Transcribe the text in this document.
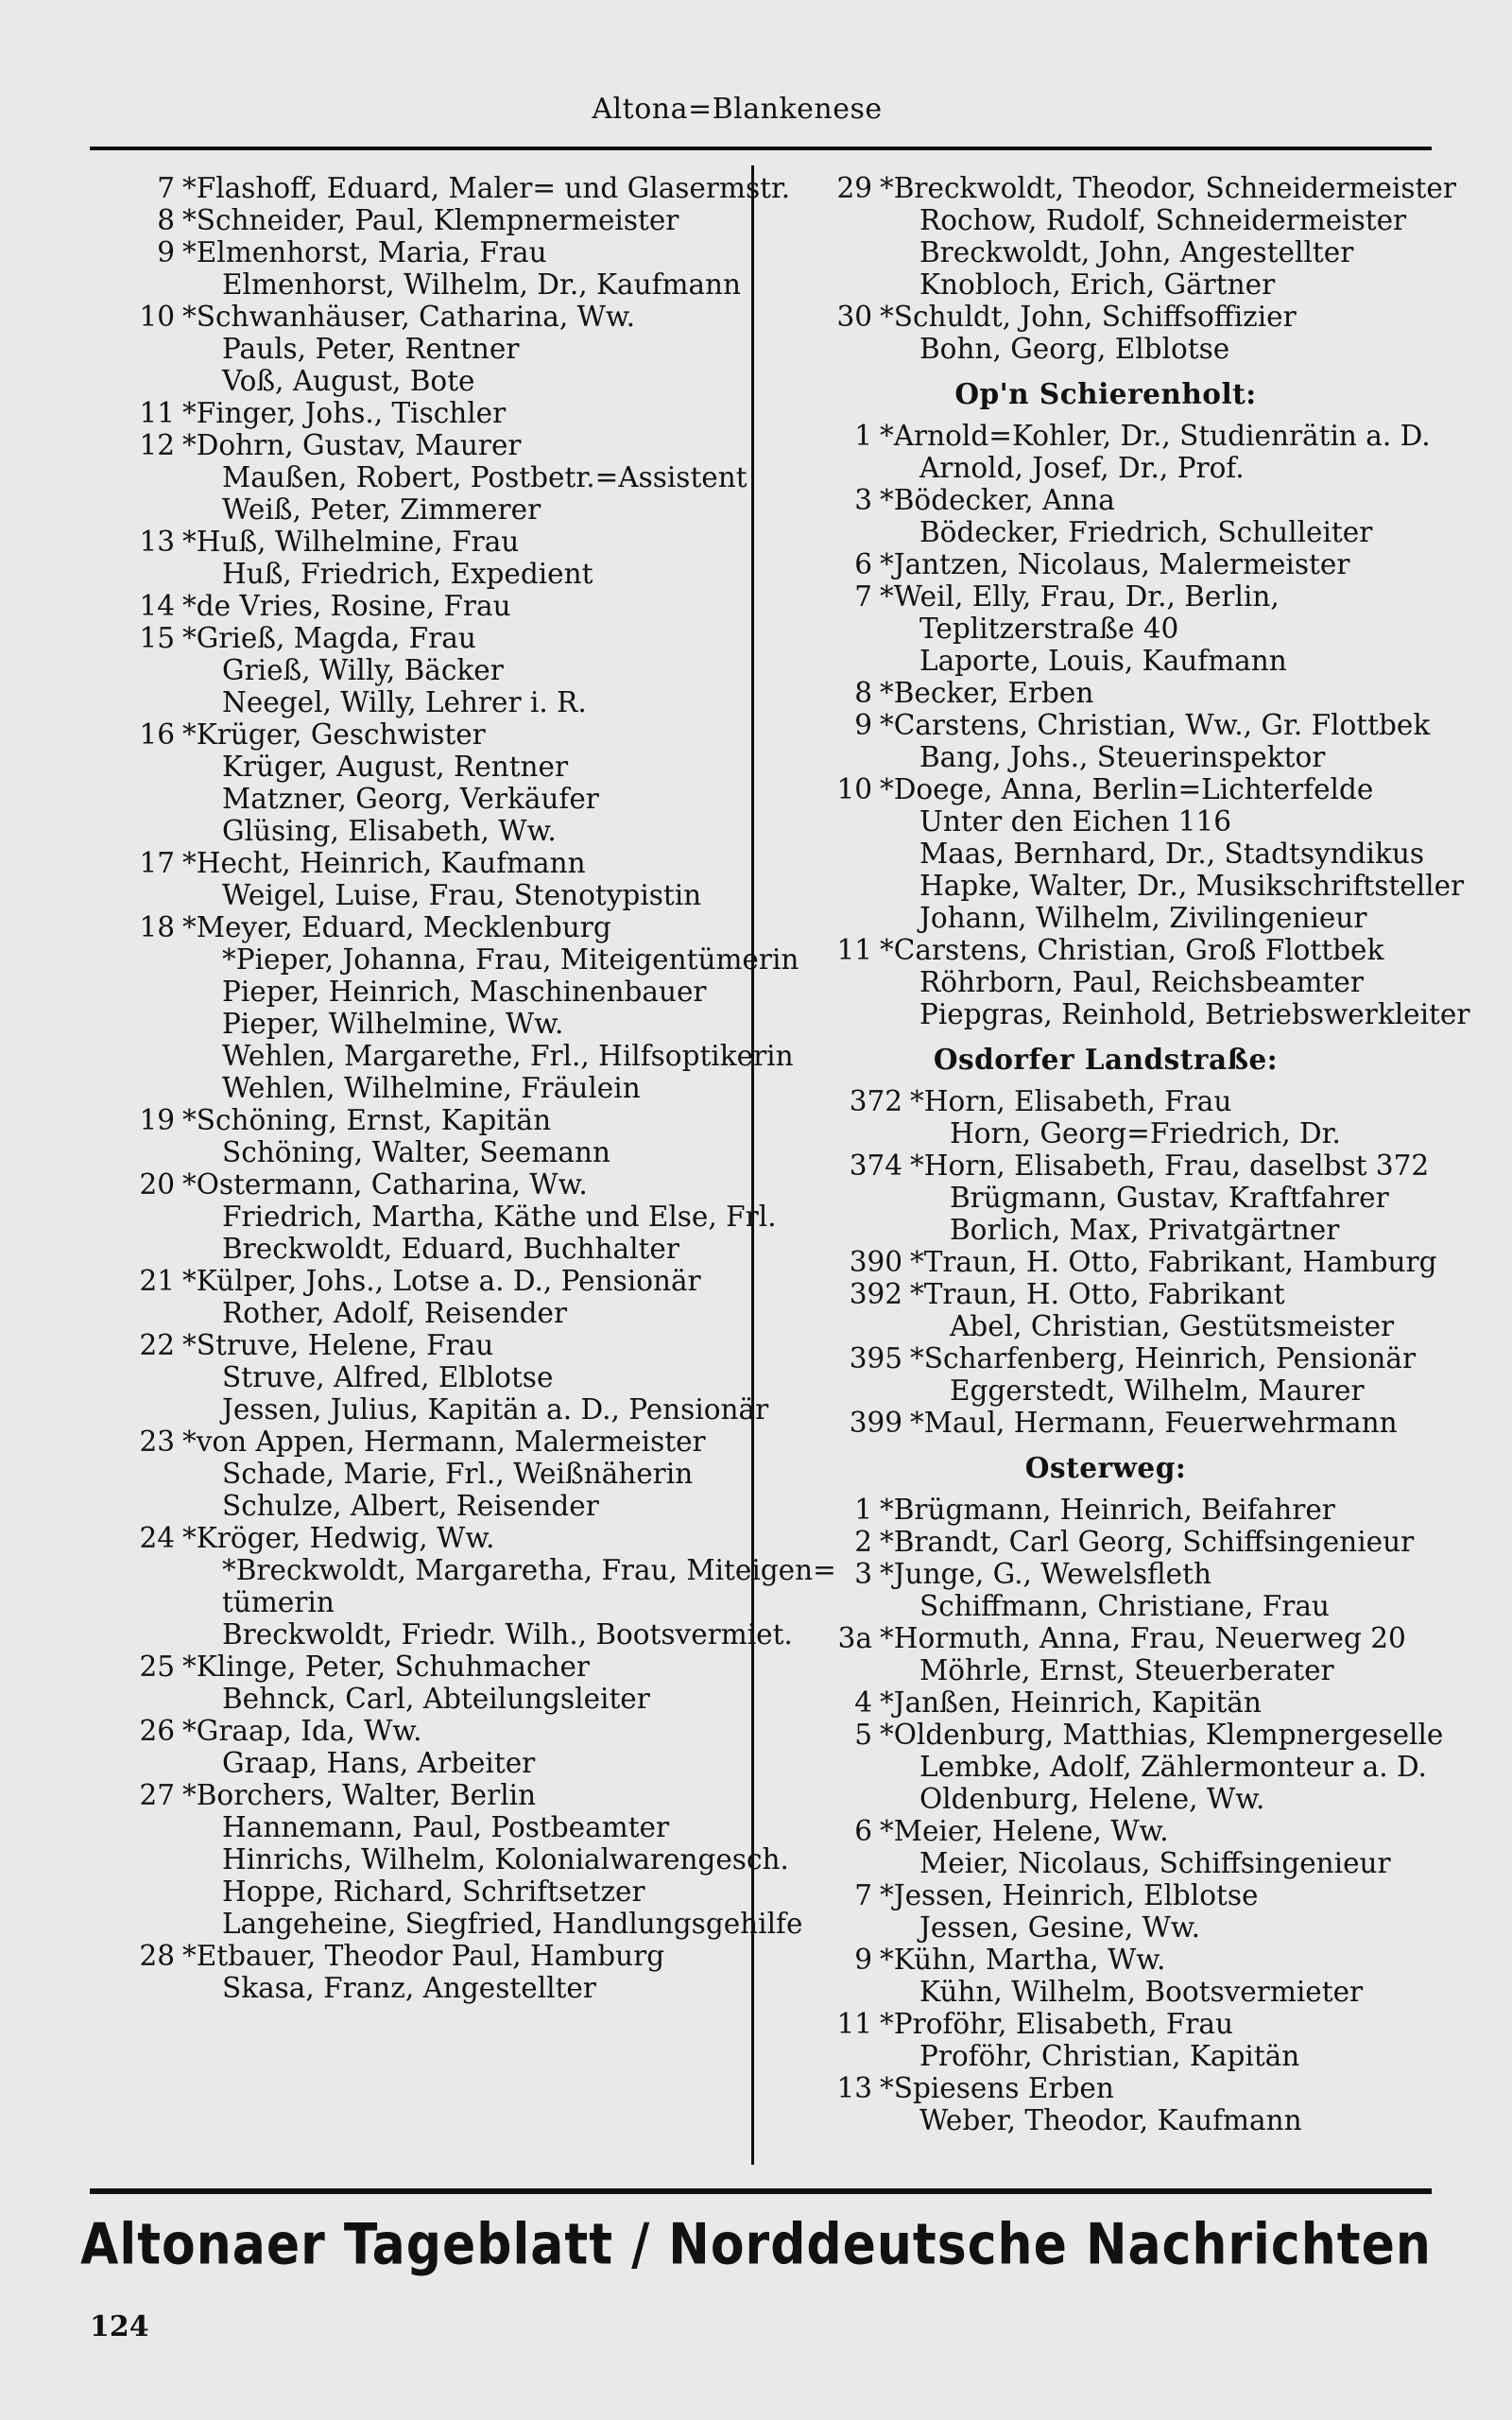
Altona=Blankenese
7 *Flashoff, Eduard, Maler= und Glasermstr.
8 *Schneider, Paul, Klempnermeister
9 *Elmenhorst, Maria, Frau
Elmenhorst, Wilhelm, Dr., Kaufmann
10 *Schwanhäuser, Catharina, Ww.
Pauls, Peter, Rentner
Voß, August, Bote
11 *Finger, Johs., Tischler
12 *Dohrn, Gustav, Maurer
Maußen, Robert, Postbetr.=Assistent
Weiß, Peter, Zimmerer
13 *Huß, Wilhelmine, Frau
Huß, Friedrich, Expedient
14 *de Vries, Rosine, Frau
15 *Grieß, Magda, Frau
Grieß, Willy, Bäcker
Neegel, Willy, Lehrer i. R.
16 *Krüger, Geschwister
Krüger, August, Rentner
Matzner, Georg, Verkäufer
Glüsing, Elisabeth, Ww.
17 *Hecht, Heinrich, Kaufmann
Weigel, Luise, Frau, Stenotypistin
18 *Meyer, Eduard, Mecklenburg
*Pieper, Johanna, Frau, Miteigentümerin
Pieper, Heinrich, Maschinenbauer
Pieper, Wilhelmine, Ww.
Wehlen, Margarethe, Frl., Hilfsoptikerin
Wehlen, Wilhelmine, Fräulein
19 *Schöning, Ernst, Kapitän
Schöning, Walter, Seemann
20 *Ostermann, Catharina, Ww.
Friedrich, Martha, Käthe und Else, Frl.
Breckwoldt, Eduard, Buchhalter
21 *Külper, Johs., Lotse a. D., Pensionär
Rother, Adolf, Reisender
22 *Struve, Helene, Frau
Struve, Alfred, Elblotse
Jessen, Julius, Kapitän a. D., Pensionär
23 *von Appen, Hermann, Malermeister
Schade, Marie, Frl., Weißnäherin
Schulze, Albert, Reisender
24 *Kröger, Hedwig, Ww.
*Breckwoldt, Margaretha, Frau, Miteigen=
tümerin
Breckwoldt, Friedr. Wilh., Bootsvermiet.
25 *Klinge, Peter, Schuhmacher
Behnck, Carl, Abteilungsleiter
26 *Graap, Ida, Ww.
Graap, Hans, Arbeiter
27 *Borchers, Walter, Berlin
Hannemann, Paul, Postbeamter
Hinrichs, Wilhelm, Kolonialwarengesch.
Hoppe, Richard, Schriftsetzer
Langeheine, Siegfried, Handlungsgehilfe
28 *Etbauer, Theodor Paul, Hamburg
Skasa, Franz, Angestellter
29 *Breckwoldt, Theodor, Schneidermeister
Rochow, Rudolf, Schneidermeister
Breckwoldt, John, Angestellter
Knobloch, Erich, Gärtner
30 *Schuldt, John, Schiffsoffizier
Bohn, Georg, Elblotse
Op'n Schierenholt:
1 *Arnold=Kohler, Dr., Studienrätin a. D.
Arnold, Josef, Dr., Prof.
3 *Bödecker, Anna
Bödecker, Friedrich, Schulleiter
6 *Jantzen, Nicolaus, Malermeister
7 *Weil, Elly, Frau, Dr., Berlin,
Teplitzerstraße 40
Laporte, Louis, Kaufmann
8 *Becker, Erben
9 *Carstens, Christian, Ww., Gr. Flottbek
Bang, Johs., Steuerinspektor
10 *Doege, Anna, Berlin=Lichterfelde
Unter den Eichen 116
Maas, Bernhard, Dr., Stadtsyndikus
Hapke, Walter, Dr., Musikschriftsteller
Johann, Wilhelm, Zivilingenieur
11 *Carstens, Christian, Groß Flottbek
Röhrborn, Paul, Reichsbeamter
Piepgras, Reinhold, Betriebswerkleiter
Osdorfer Landstraße:
372 *Horn, Elisabeth, Frau
Horn, Georg=Friedrich, Dr.
374 *Horn, Elisabeth, Frau, daselbst 372
Brügmann, Gustav, Kraftfahrer
Borlich, Max, Privatgärtner
390 *Traun, H. Otto, Fabrikant, Hamburg
392 *Traun, H. Otto, Fabrikant
Abel, Christian, Gestütsmeister
395 *Scharfenberg, Heinrich, Pensionär
Eggerstedt, Wilhelm, Maurer
399 *Maul, Hermann, Feuerwehrmann
Osterweg:
1 *Brügmann, Heinrich, Beifahrer
2 *Brandt, Carl Georg, Schiffsingenieur
3 *Junge, G., Wewelsfleth
Schiffmann, Christiane, Frau
3a *Hormuth, Anna, Frau, Neuerweg 20
Möhrle, Ernst, Steuerberater
4 *Janßen, Heinrich, Kapitän
5 *Oldenburg, Matthias, Klempnergeselle
Lembke, Adolf, Zählermonteur a. D.
Oldenburg, Helene, Ww.
6 *Meier, Helene, Ww.
Meier, Nicolaus, Schiffsingenieur
7 *Jessen, Heinrich, Elblotse
Jessen, Gesine, Ww.
9 *Kühn, Martha, Ww.
Kühn, Wilhelm, Bootsvermieter
11 *Proföhr, Elisabeth, Frau
Proföhr, Christian, Kapitän
13 *Spiesens Erben
Weber, Theodor, Kaufmann
Altonaer Tageblatt / Norddeutsche Nachrichten
124
